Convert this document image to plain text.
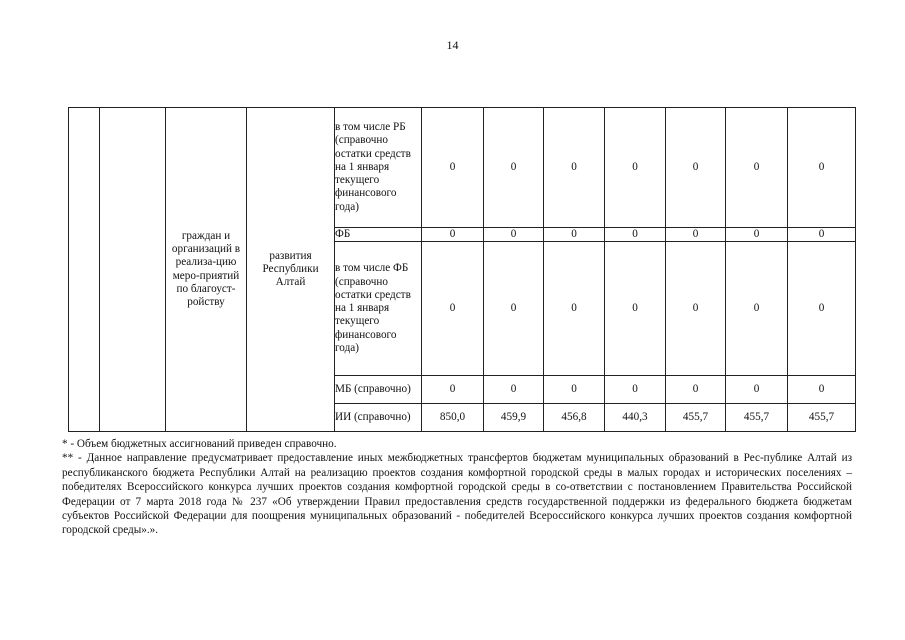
14
		граждан и организаций в реализа-цию меро-приятий по благоуст-ройству	развития Республики Алтай	в том числе РБ (справочно остатки средств на 1 января текущего финансового года)	0	0	0	0	0	0	0
				ФБ	0	0	0	0	0	0	0
				в том числе ФБ (справочно остатки средств на 1 января текущего финансового года)	0	0	0	0	0	0	0
				МБ (справочно)	0	0	0	0	0	0	0
				ИИ (справочно)	850,0	459,9	456,8	440,3	455,7	455,7	455,7

* - Объем бюджетных ассигнований приведен справочно.

** - Данное направление предусматривает предоставление иных межбюджетных трансфертов бюджетам муниципальных образований в Рес-публике Алтай из республиканского бюджета Республики Алтай на реализацию проектов создания комфортной городской среды в малых городах и исторических поселениях – победителях Всероссийского конкурса лучших проектов создания комфортной городской среды в со-ответствии с постановлением Правительства Российской Федерации от 7 марта 2018 года № 237 «Об утверждении Правил предоставления средств государственной поддержки из федерального бюджета бюджетам субъектов Российской Федерации для поощрения муниципальных образований - победителей Всероссийского конкурса лучших проектов создания комфортной городской среды».».
